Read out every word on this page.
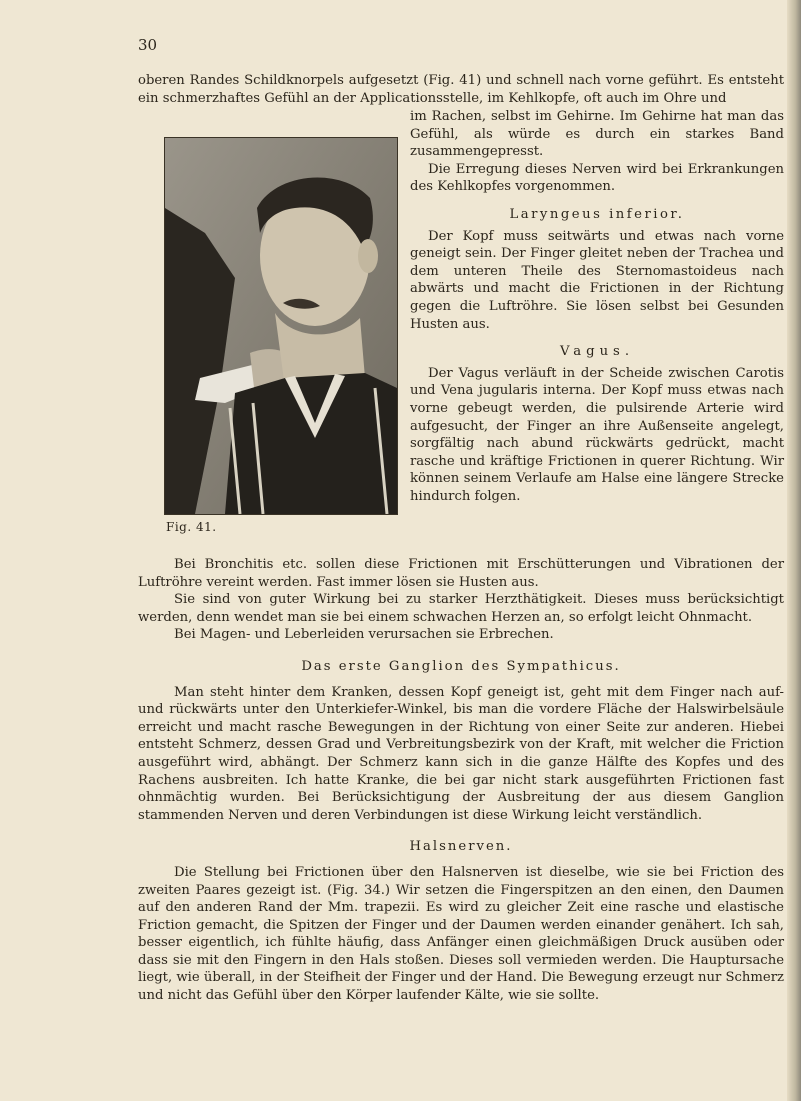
30

oberen Randes Schildknorpels aufgesetzt (Fig. 41) und schnell nach vorne geführt. Es entsteht ein schmerzhaftes Gefühl an der Applicationsstelle, im Kehlkopfe, oft auch im Ohre und

Fig. 41.

im Rachen, selbst im Gehirne. Im Gehirne hat man das Gefühl, als würde es durch ein starkes Band zusammengepresst.

Die Erregung dieses Nerven wird bei Erkrankungen des Kehlkopfes vorgenommen.

Laryngeus inferior.

Der Kopf muss seitwärts und etwas nach vorne geneigt sein. Der Finger gleitet neben der Trachea und dem unteren Theile des Sternomastoideus nach abwärts und macht die Frictionen in der Richtung gegen die Luftröhre. Sie lösen selbst bei Gesunden Husten aus.

Vagus.

Der Vagus verläuft in der Scheide zwischen Carotis und Vena jugularis interna. Der Kopf muss etwas nach vorne gebeugt werden, die pulsirende Arterie wird aufgesucht, der Finger an ihre Außenseite angelegt, sorgfältig nach abund rückwärts gedrückt, macht rasche und kräftige Frictionen in querer Richtung. Wir können seinem Verlaufe am Halse eine längere Strecke hindurch folgen.

Bei Bronchitis etc. sollen diese Frictionen mit Erschütterungen und Vibrationen der Luftröhre vereint werden. Fast immer lösen sie Husten aus.

Sie sind von guter Wirkung bei zu starker Herzthätigkeit. Dieses muss berücksichtigt werden, denn wendet man sie bei einem schwachen Herzen an, so erfolgt leicht Ohnmacht.

Bei Magen- und Leberleiden verursachen sie Erbrechen.

Das erste Ganglion des Sympathicus.

Man steht hinter dem Kranken, dessen Kopf geneigt ist, geht mit dem Finger nach auf- und rückwärts unter den Unterkiefer-Winkel, bis man die vordere Fläche der Halswirbelsäule erreicht und macht rasche Bewegungen in der Richtung von einer Seite zur anderen. Hiebei entsteht Schmerz, dessen Grad und Verbreitungsbezirk von der Kraft, mit welcher die Friction ausgeführt wird, abhängt. Der Schmerz kann sich in die ganze Hälfte des Kopfes und des Rachens ausbreiten. Ich hatte Kranke, die bei gar nicht stark ausgeführten Frictionen fast ohnmächtig wurden. Bei Berücksichtigung der Ausbreitung der aus diesem Ganglion stammenden Nerven und deren Verbindungen ist diese Wirkung leicht verständlich.

Halsnerven.

Die Stellung bei Frictionen über den Halsnerven ist dieselbe, wie sie bei Friction des zweiten Paares gezeigt ist. (Fig. 34.) Wir setzen die Fingerspitzen an den einen, den Daumen auf den anderen Rand der Mm. trapezii. Es wird zu gleicher Zeit eine rasche und elastische Friction gemacht, die Spitzen der Finger und der Daumen werden einander genähert. Ich sah, besser eigentlich, ich fühlte häufig, dass Anfänger einen gleichmäßigen Druck ausüben oder dass sie mit den Fingern in den Hals stoßen. Dieses soll vermieden werden. Die Hauptursache liegt, wie überall, in der Steifheit der Finger und der Hand. Die Bewegung erzeugt nur Schmerz und nicht das Gefühl über den Körper laufender Kälte, wie sie sollte.
